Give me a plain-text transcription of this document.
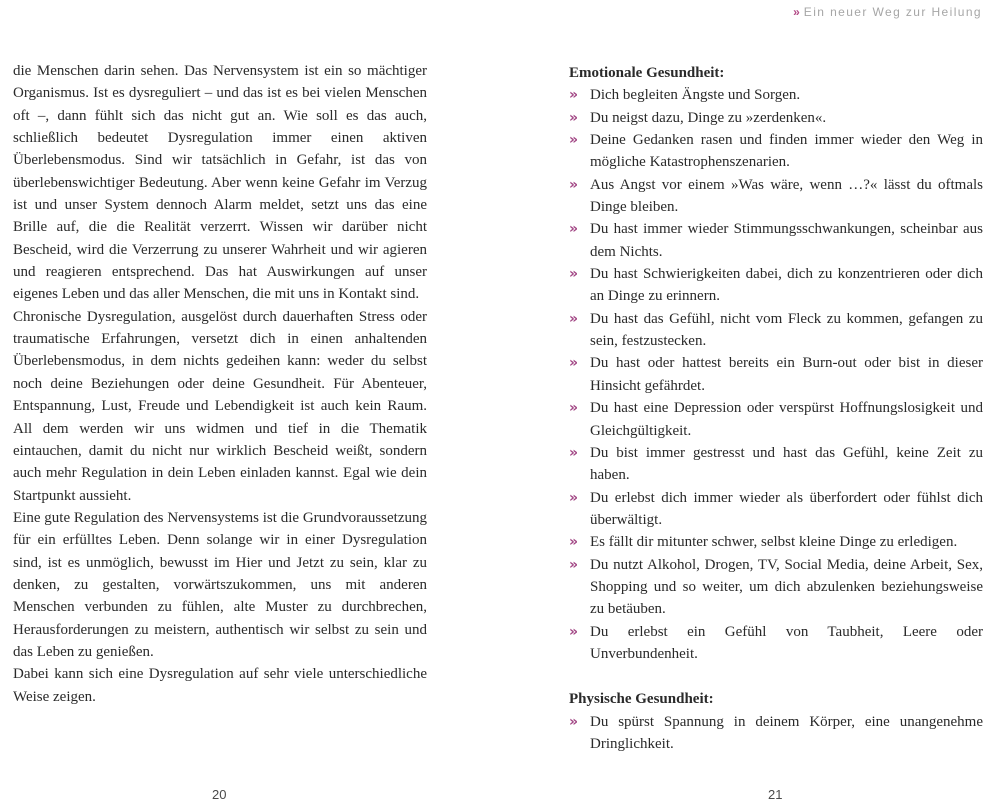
» Ein neuer Weg zur Heilung

die Menschen darin sehen. Das Nervensystem ist ein so mächtiger Organismus. Ist es dysreguliert – und das ist es bei vielen Menschen oft –, dann fühlt sich das nicht gut an. Wie soll es das auch, schließlich bedeutet Dysregulation immer einen aktiven Überlebensmodus. Sind wir tatsächlich in Gefahr, ist das von überlebenswichtiger Bedeutung. Aber wenn keine Gefahr im Verzug ist und unser System dennoch Alarm meldet, setzt uns das eine Brille auf, die die Realität verzerrt. Wissen wir darüber nicht Bescheid, wird die Verzerrung zu unserer Wahrheit und wir agieren und reagieren entsprechend. Das hat Auswirkungen auf unser eigenes Leben und das aller Menschen, die mit uns in Kontakt sind.

Chronische Dysregulation, ausgelöst durch dauerhaften Stress oder traumatische Erfahrungen, versetzt dich in einen anhaltenden Überlebensmodus, in dem nichts gedeihen kann: weder du selbst noch deine Beziehungen oder deine Gesundheit. Für Abenteuer, Entspannung, Lust, Freude und Lebendigkeit ist auch kein Raum. All dem werden wir uns widmen und tief in die Thematik eintauchen, damit du nicht nur wirklich Bescheid weißt, sondern auch mehr Regulation in dein Leben einladen kannst. Egal wie dein Startpunkt aussieht.

Eine gute Regulation des Nervensystems ist die Grundvoraussetzung für ein erfülltes Leben. Denn solange wir in einer Dysregulation sind, ist es unmöglich, bewusst im Hier und Jetzt zu sein, klar zu denken, zu gestalten, vorwärtszukommen, uns mit anderen Menschen verbunden zu fühlen, alte Muster zu durchbrechen, Herausforderungen zu meistern, authentisch wir selbst zu sein und das Leben zu genießen.

Dabei kann sich eine Dysregulation auf sehr viele unterschiedliche Weise zeigen.

Emotionale Gesundheit:
» Dich begleiten Ängste und Sorgen.
» Du neigst dazu, Dinge zu »zerdenken«.
» Deine Gedanken rasen und finden immer wieder den Weg in mögliche Katastrophenszenarien.
» Aus Angst vor einem »Was wäre, wenn …?« lässt du oftmals Dinge bleiben.
» Du hast immer wieder Stimmungsschwankungen, scheinbar aus dem Nichts.
» Du hast Schwierigkeiten dabei, dich zu konzentrieren oder dich an Dinge zu erinnern.
» Du hast das Gefühl, nicht vom Fleck zu kommen, gefangen zu sein, festzustecken.
» Du hast oder hattest bereits ein Burn-out oder bist in dieser Hinsicht gefährdet.
» Du hast eine Depression oder verspürst Hoffnungslosigkeit und Gleichgültigkeit.
» Du bist immer gestresst und hast das Gefühl, keine Zeit zu haben.
» Du erlebst dich immer wieder als überfordert oder fühlst dich überwältigt.
» Es fällt dir mitunter schwer, selbst kleine Dinge zu erledigen.
» Du nutzt Alkohol, Drogen, TV, Social Media, deine Arbeit, Sex, Shopping und so weiter, um dich abzulenken beziehungsweise zu betäuben.
» Du erlebst ein Gefühl von Taubheit, Leere oder Unverbundenheit.
Physische Gesundheit:
» Du spürst Spannung in deinem Körper, eine unangenehme Dringlichkeit.
20	21
